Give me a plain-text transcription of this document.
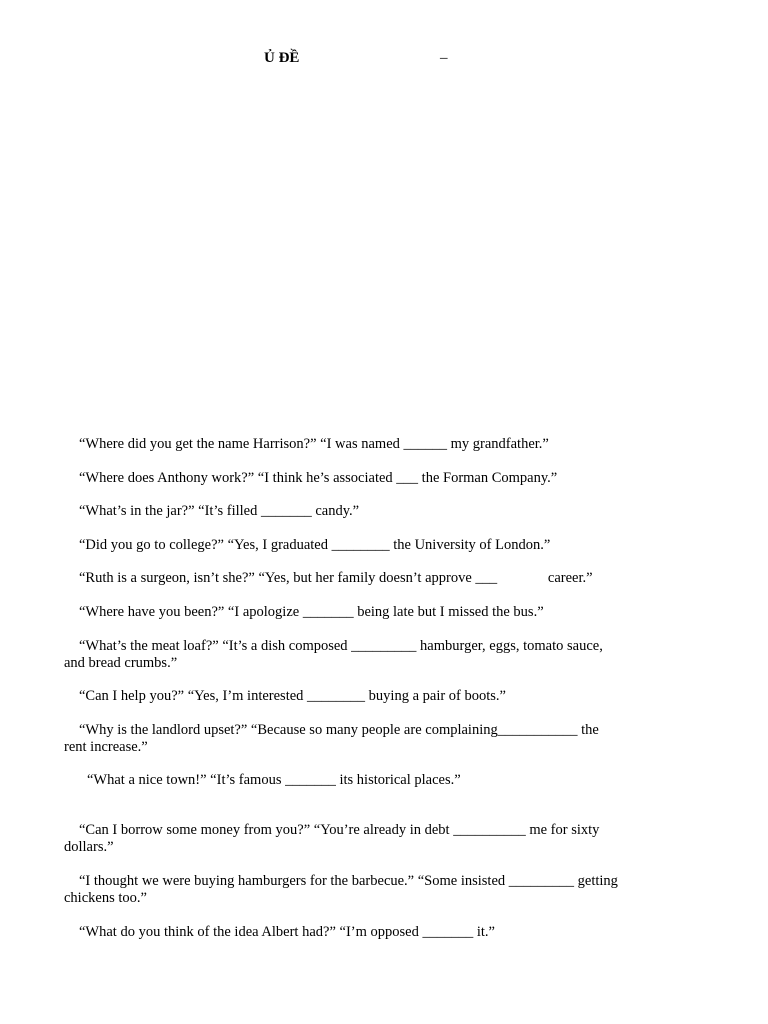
Ủ ĐỀ	–

“Where did you get the name Harrison?” “I was named ______ my grandfather.”

“Where does Anthony work?” “I think he’s associated ___ the Forman Company.”

“What’s in the jar?” “It’s filled _______ candy.”

“Did you go to college?” “Yes, I graduated ________ the University of London.”

“Ruth is a surgeon, isn’t she?” “Yes, but her family doesn’t approve ___              career.”

“Where have you been?” “I apologize _______ being late but I missed the bus.”

“What’s the meat loaf?” “It’s a dish composed _________ hamburger, eggs, tomato sauce, and bread crumbs.”

“Can I help you?” “Yes, I’m interested ________ buying a pair of boots.”

“Why is the landlord upset?” “Because so many people are complaining___________ the rent increase.”

“What a nice town!” “It’s famous _______ its historical places.”

“Can I borrow some money from you?” “You’re already in debt __________ me for sixty dollars.”

“I thought we were buying hamburgers for the barbecue.” “Some insisted _________ getting chickens too.”

“What do you think of the idea Albert had?” “I’m opposed _______ it.”
